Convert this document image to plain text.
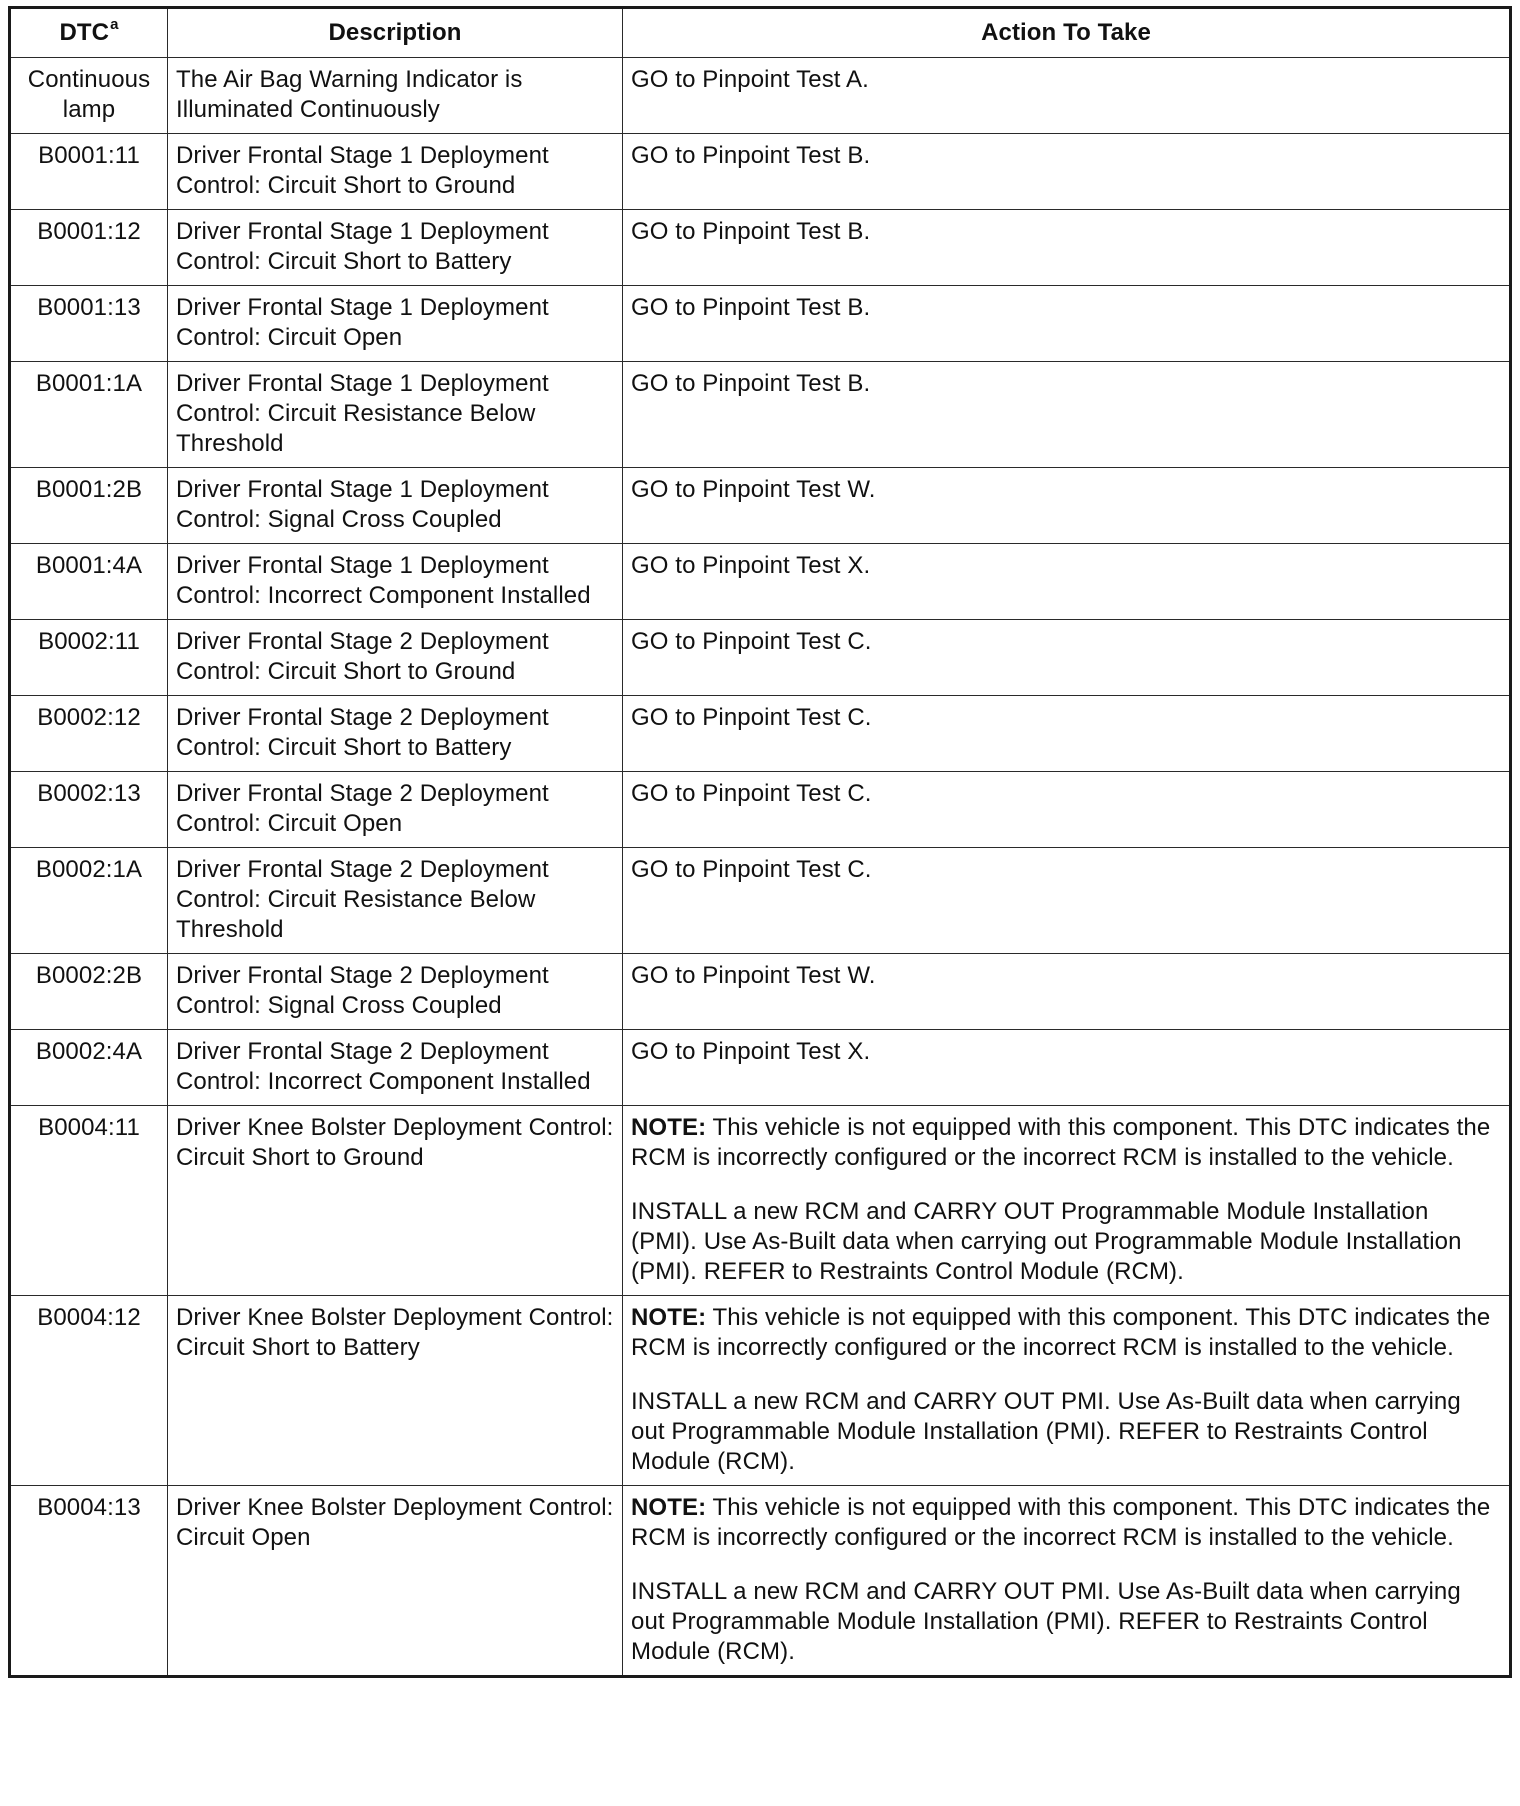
DTC$^a$	Description	Action To Take
Continuous lamp	The Air Bag Warning Indicator is Illuminated Continuously	GO to Pinpoint Test A.

B0001:11	Driver Frontal Stage 1 Deployment Control: Circuit Short to Ground	GO to Pinpoint Test B.

B0001:12	Driver Frontal Stage 1 Deployment Control: Circuit Short to Battery	GO to Pinpoint Test B.

B0001:13	Driver Frontal Stage 1 Deployment Control: Circuit Open	GO to Pinpoint Test B.

B0001:1A	Driver Frontal Stage 1 Deployment Control: Circuit Resistance Below Threshold	GO to Pinpoint Test B.

B0001:2B	Driver Frontal Stage 1 Deployment Control: Signal Cross Coupled	GO to Pinpoint Test W.

B0001:4A	Driver Frontal Stage 1 Deployment Control: Incorrect Component Installed	GO to Pinpoint Test X.

B0002:11	Driver Frontal Stage 2 Deployment Control: Circuit Short to Ground	GO to Pinpoint Test C.

B0002:12	Driver Frontal Stage 2 Deployment Control: Circuit Short to Battery	GO to Pinpoint Test C.

B0002:13	Driver Frontal Stage 2 Deployment Control: Circuit Open	GO to Pinpoint Test C.

B0002:1A	Driver Frontal Stage 2 Deployment Control: Circuit Resistance Below Threshold	GO to Pinpoint Test C.

B0002:2B	Driver Frontal Stage 2 Deployment Control: Signal Cross Coupled	GO to Pinpoint Test W.

B0002:4A	Driver Frontal Stage 2 Deployment Control: Incorrect Component Installed	GO to Pinpoint Test X.

B0004:11	Driver Knee Bolster Deployment Control: Circuit Short to Ground	NOTE: This vehicle is not equipped with this component. This DTC indicates the RCM is incorrectly configured or the incorrect RCM is installed to the vehicle.

INSTALL a new RCM and CARRY OUT Programmable Module Installation (PMI). Use As-Built data when carrying out Programmable Module Installation (PMI). REFER to Restraints Control Module (RCM).

B0004:12	Driver Knee Bolster Deployment Control: Circuit Short to Battery	NOTE: This vehicle is not equipped with this component. This DTC indicates the RCM is incorrectly configured or the incorrect RCM is installed to the vehicle.

INSTALL a new RCM and CARRY OUT PMI. Use As-Built data when carrying out Programmable Module Installation (PMI). REFER to Restraints Control Module (RCM).

B0004:13	Driver Knee Bolster Deployment Control: Circuit Open	NOTE: This vehicle is not equipped with this component. This DTC indicates the RCM is incorrectly configured or the incorrect RCM is installed to the vehicle.

INSTALL a new RCM and CARRY OUT PMI. Use As-Built data when carrying out Programmable Module Installation (PMI). REFER to Restraints Control Module (RCM).
